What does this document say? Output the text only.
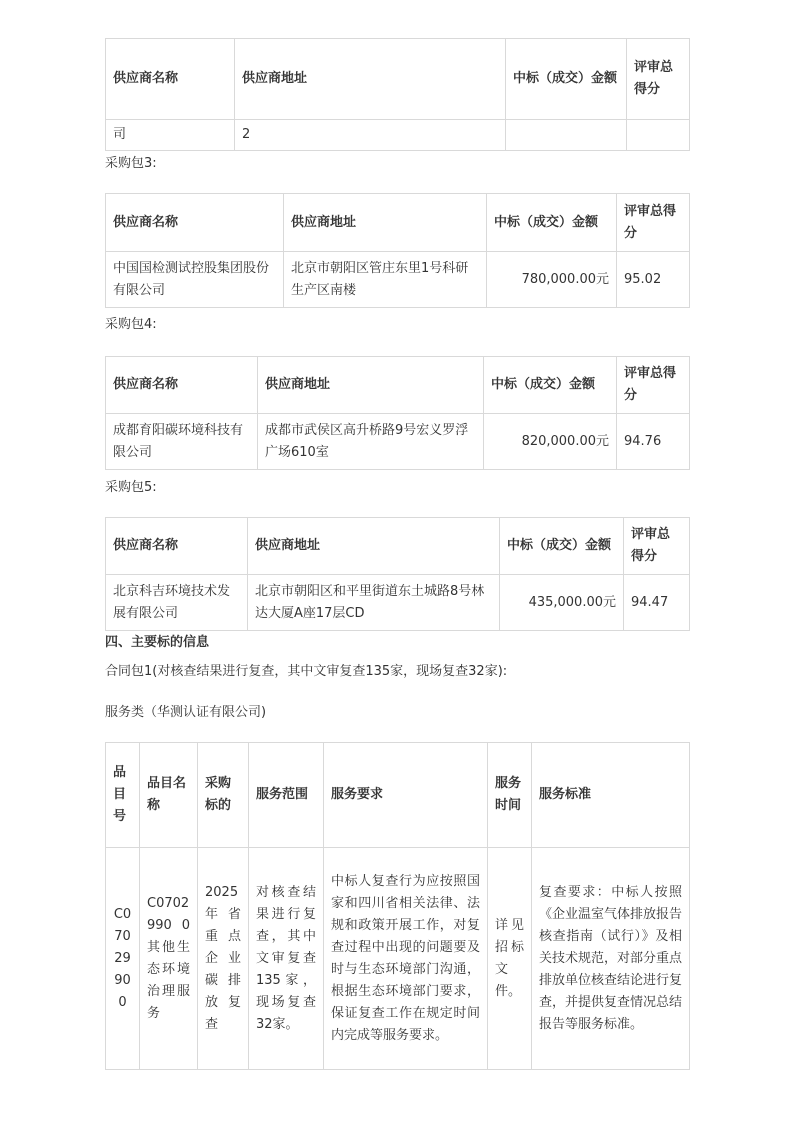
供应商名称	供应商地址	中标（成交）金额	评审总得分
司	2		
采购包3:
供应商名称	供应商地址	中标（成交）金额	评审总得分
中国国检测试控股集团股份有限公司	北京市朝阳区管庄东里1号科研生产区南楼	780,000.00元	95.02
采购包4:
供应商名称	供应商地址	中标（成交）金额	评审总得分
成都育阳碳环境科技有限公司	成都市武侯区高升桥路9号宏义罗浮广场610室	820,000.00元	94.76
采购包5:
供应商名称	供应商地址	中标（成交）金额	评审总得分
北京科吉环境技术发展有限公司	北京市朝阳区和平里街道东土城路8号林达大厦A座17层CD	435,000.00元	94.47
四、主要标的信息
合同包1(对核查结果进行复查，其中文审复查135家，现场复查32家):
服务类（华测认证有限公司)
品目号	品目名称	采购标的	服务范围	服务要求	服务时间	服务标准
C07029900	C0702990 0其他生态环境治理服务	2025年省重点企业碳排放复查	对核查结果进行复查，其中文审复查135家，现场复查32家。	中标人复查行为应按照国家和四川省相关法律、法规和政策开展工作，对复查过程中出现的问题要及时与生态环境部门沟通，根据生态环境部门要求，保证复查工作在规定时间内完成等服务要求。	详见招标文件。	复查要求：中标人按照《企业温室气体排放报告核查指南（试行）》及相关技术规范，对部分重点排放单位核查结论进行复查，并提供复查情况总结报告等服务标准。
